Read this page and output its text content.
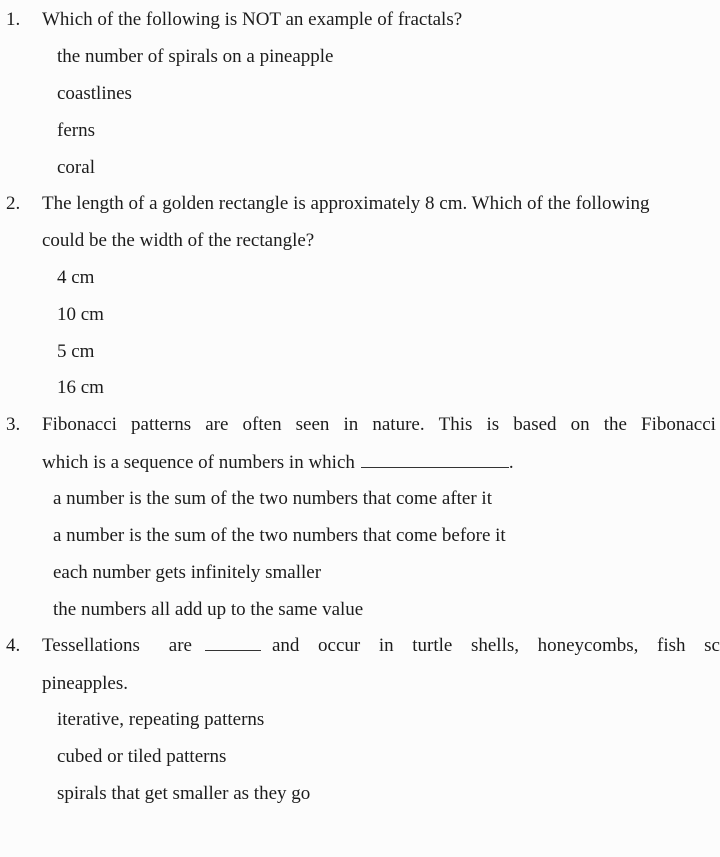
1. Which of the following is NOT an example of fractals?
the number of spirals on a pineapple
coastlines
ferns
coral
2. The length of a golden rectangle is approximately 8 cm. Which of the following
could be the width of the rectangle?
4 cm
10 cm
5 cm
16 cm
3. Fibonacci patterns are often seen in nature. This is based on the Fibonacci
which is a sequence of numbers in which	.
a number is the sum of the two numbers that come after it
a number is the sum of the two numbers that come before it
each number gets infinitely smaller
the numbers all add up to the same value
4. Tessellations are	and occur in turtle shells, honeycombs, fish sc
pineapples.
iterative, repeating patterns
cubed or tiled patterns
spirals that get smaller as they go
